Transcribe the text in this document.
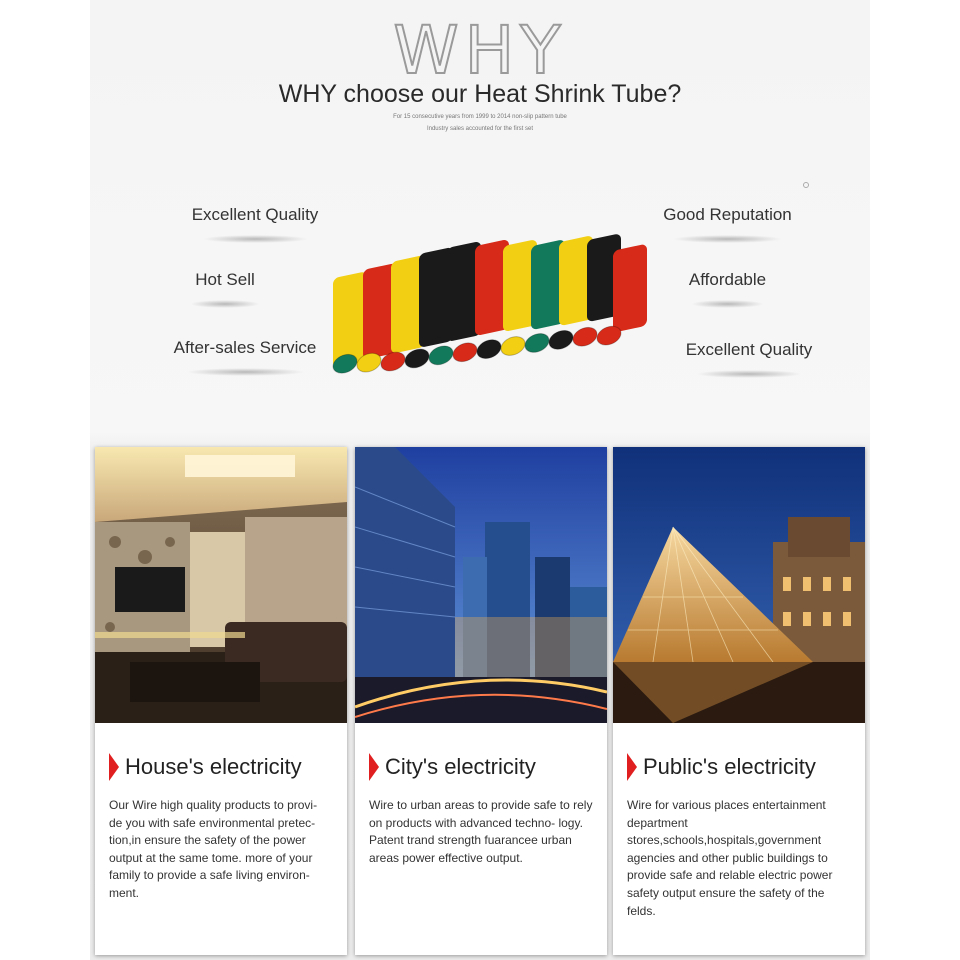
WHY
WHY choose our Heat Shrink Tube?
For 15 consecutive years from 1999 to 2014 non-slip pattern tube
Industry sales accounted for the first set
Excellent Quality
Hot Sell
After-sales Service
Good Reputation
Affordable
Excellent Quality
House's electricity
Our Wire high quality products to provi- de you with safe environmental pretec- tion,in ensure the safety of the power output at the same tome. more of your family to provide a safe living environ- ment.
City's electricity
Wire to urban areas to provide safe to rely on products with advanced techno- logy. Patent trand strength fuarancee urban areas power effective output.
Public's electricity
Wire for various places entertainment department stores,schools,hospitals,government agencies and other public buildings to provide safe and relable electric power safety output ensure the safety of the felds.
